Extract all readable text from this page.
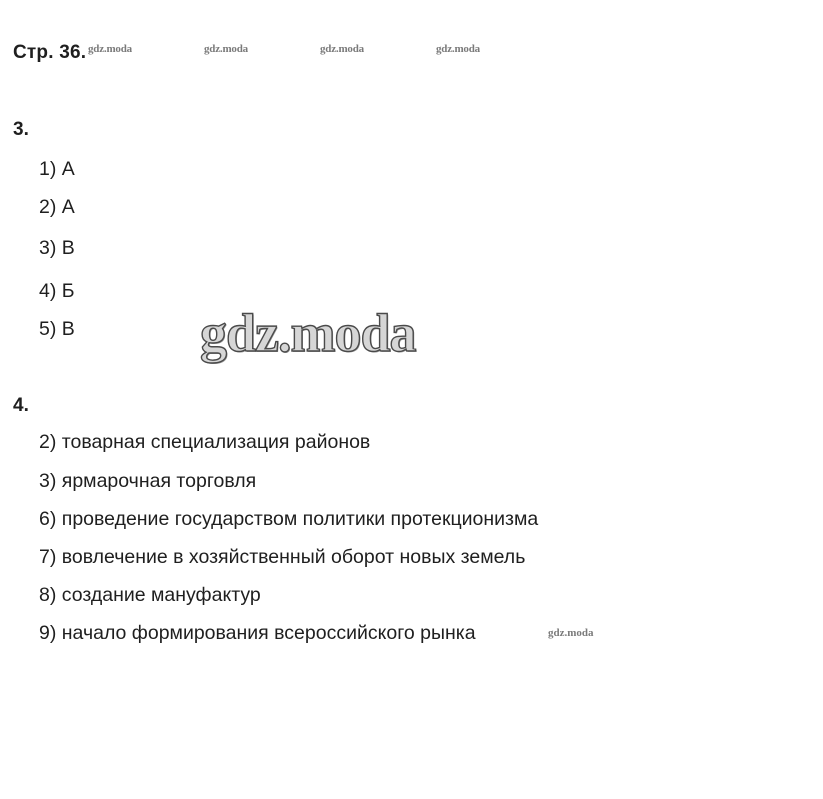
Стр. 36. gdz.moda	gdz.moda	gdz.moda	gdz.moda
3.
1) А
2) А
3) В
4) Б
5) В gdz.moda
4.
2) товарная специализация районов
3) ярмарочная торговля
6) проведение государством политики протекционизма
7) вовлечение в хозяйственный оборот новых земель
8) создание мануфактур
9) начало формирования всероссийского рынка	gdz.moda
